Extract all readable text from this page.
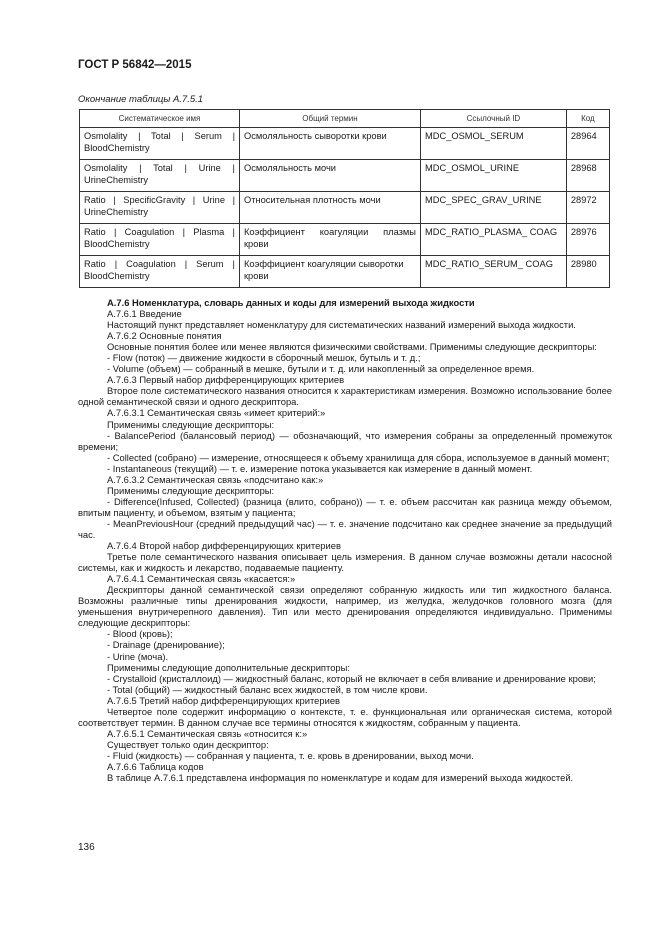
ГОСТ Р 56842—2015
Окончание таблицы А.7.5.1
Систематическое имя	Общий термин	Ссылочный ID	Код
Osmolality | Total | Serum | BloodChemistry	Осмоляльность сыворотки крови	MDC_OSMOL_SERUM	28964
Osmolality | Total | Urine | UrineChemistry	Осмоляльность мочи	MDC_OSMOL_URINE	28968
Ratio | SpecificGravity | Urine | UrineChemistry	Относительная плотность мочи	MDC_SPEC_GRAV_URINE	28972
Ratio | Coagulation | Plasma | BloodChemistry	Коэффициент коагуляции плазмы крови	MDC_RATIO_PLASMA_ COAG	28976
Ratio | Coagulation | Serum | BloodChemistry	Коэффициент коагуляции сыворотки крови	MDC_RATIO_SERUM_ COAG	28980

А.7.6 Номенклатура, словарь данных и коды для измерений выхода жидкости

А.7.6.1 Введение

Настоящий пункт представляет номенклатуру для систематических названий измерений выхода жидкости.

А.7.6.2 Основные понятия

Основные понятия более или менее являются физическими свойствами. Применимы следующие дескрипторы:

- Flow (поток) — движение жидкости в сборочный мешок, бутыль и т. д.;

- Volume (объем) — собранный в мешке, бутыли и т. д. или накопленный за определенное время.

А.7.6.3 Первый набор дифференцирующих критериев

Второе поле систематического названия относится к характеристикам измерения. Возможно использование более одной семантической связи и одного дескриптора.

А.7.6.3.1 Семантическая связь «имеет критерий:»

Применимы следующие дескрипторы:

- BalancePeriod (балансовый период) — обозначающий, что измерения собраны за определенный промежуток времени;

- Collected (собрано) — измерение, относящееся к объему хранилища для сбора, используемое в данный момент;

- Instantaneous (текущий) — т. е. измерение потока указывается как измерение в данный момент.

А.7.6.3.2 Семантическая связь «подсчитано как:»

Применимы следующие дескрипторы:

- Difference(Infused, Collected) (разница (влито, собрано)) — т. е. объем рассчитан как разница между объемом, впитым пациенту, и объемом, взятым у пациента;

- MeanPreviousHour (средний предыдущий час) — т. е. значение подсчитано как среднее значение за предыдущий час.

А.7.6.4 Второй набор дифференцирующих критериев

Третье поле семантического названия описывает цель измерения. В данном случае возможны детали насосной системы, как и жидкость и лекарство, подаваемые пациенту.

А.7.6.4.1 Семантическая связь «касается:»

Дескрипторы данной семантической связи определяют собранную жидкость или тип жидкостного баланса. Возможны различные типы дренирования жидкости, например, из желудка, желудочков головного мозга (для уменьшения внутричерепного давления). Тип или место дренирования определяются индивидуально. Применимы следующие дескрипторы:

- Blood (кровь);

- Drainage (дренирование);

- Urine (моча).

Применимы следующие дополнительные дескрипторы:

- Crystalloid (кристаллоид) — жидкостный баланс, который не включает в себя вливание и дренирование крови;

- Total (общий) — жидкостный баланс всех жидкостей, в том числе крови.

А.7.6.5 Третий набор дифференцирующих критериев

Четвертое поле содержит информацию о контексте, т. е. функциональная или органическая система, которой соответствует термин. В данном случае все термины относятся к жидкостям, собранным у пациента.

А.7.6.5.1 Семантическая связь «относится к:»

Существует только один дескриптор:

- Fluid (жидкость) — собранная у пациента, т. е. кровь в дренировании, выход мочи.

А.7.6.6 Таблица кодов

В таблице А.7.6.1 представлена информация по номенклатуре и кодам для измерений выхода жидкостей.

136
